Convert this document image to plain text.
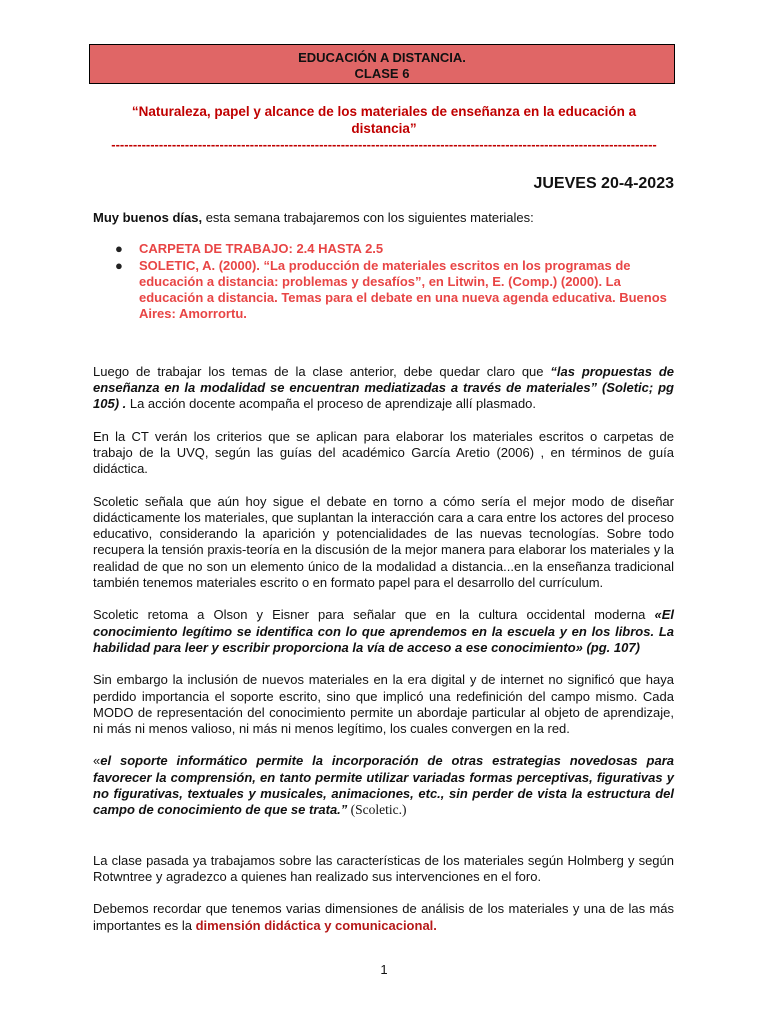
EDUCACIÓN A DISTANCIA.
CLASE 6
“Naturaleza, papel y alcance de los materiales de enseñanza en la educación a distancia”
------------------------------------------------------------------------------------------------------------------------------
JUEVES 20-4-2023

Muy buenos días, esta semana trabajaremos con los siguientes materiales:

● CARPETA DE TRABAJO: 2.4 HASTA 2.5
● SOLETIC, A. (2000). “La producción de materiales escritos en los programas de educación a distancia: problemas y desafíos”, en Litwin, E. (Comp.) (2000). La educación a distancia. Temas para el debate en una nueva agenda educativa. Buenos Aires: Amorrortu.

Luego de trabajar los temas de la clase anterior, debe quedar claro que “las propuestas de enseñanza en la modalidad se encuentran mediatizadas a través de materiales” (Soletic; pg 105) . La acción docente acompaña el proceso de aprendizaje allí plasmado.

En la CT verán los criterios que se aplican para elaborar los materiales escritos o carpetas de trabajo de la UVQ, según las guías del académico García Aretio (2006) , en términos de guía didáctica.

Scoletic señala que aún hoy sigue el debate en torno a cómo sería el mejor modo de diseñar didácticamente los materiales, que suplantan la interacción cara a cara entre los actores del proceso educativo, considerando la aparición y potencialidades de las nuevas tecnologías. Sobre todo recupera la tensión praxis-teoría en la discusión de la mejor manera para elaborar los materiales y la realidad de que no son un elemento único de la modalidad a distancia...en la enseñanza tradicional también tenemos materiales escrito o en formato papel para el desarrollo del currículum.

Scoletic retoma a Olson y Eisner para señalar que en la cultura occidental moderna «El conocimiento legítimo se identifica con lo que aprendemos en la escuela y en los libros. La habilidad para leer y escribir proporciona la vía de acceso a ese conocimiento» (pg. 107)

Sin embargo la inclusión de nuevos materiales en la era digital y de internet no significó que haya perdido importancia el soporte escrito, sino que implicó una redefinición del campo mismo. Cada MODO de representación del conocimiento permite un abordaje particular al objeto de aprendizaje, ni más ni menos valioso, ni más ni menos legítimo, los cuales convergen en la red.

«el soporte informático permite la incorporación de otras estrategias novedosas para favorecer la comprensión, en tanto permite utilizar variadas formas perceptivas, figurativas y no figurativas, textuales y musicales, animaciones, etc., sin perder de vista la estructura del campo de conocimiento de que se trata.” (Scoletic.)

La clase pasada ya trabajamos sobre las características de los materiales según Holmberg y según Rotwntree y agradezco a quienes han realizado sus intervenciones en el foro.

Debemos recordar que tenemos varias dimensiones de análisis de los materiales y una de las más importantes es la dimensión didáctica y comunicacional.

1
